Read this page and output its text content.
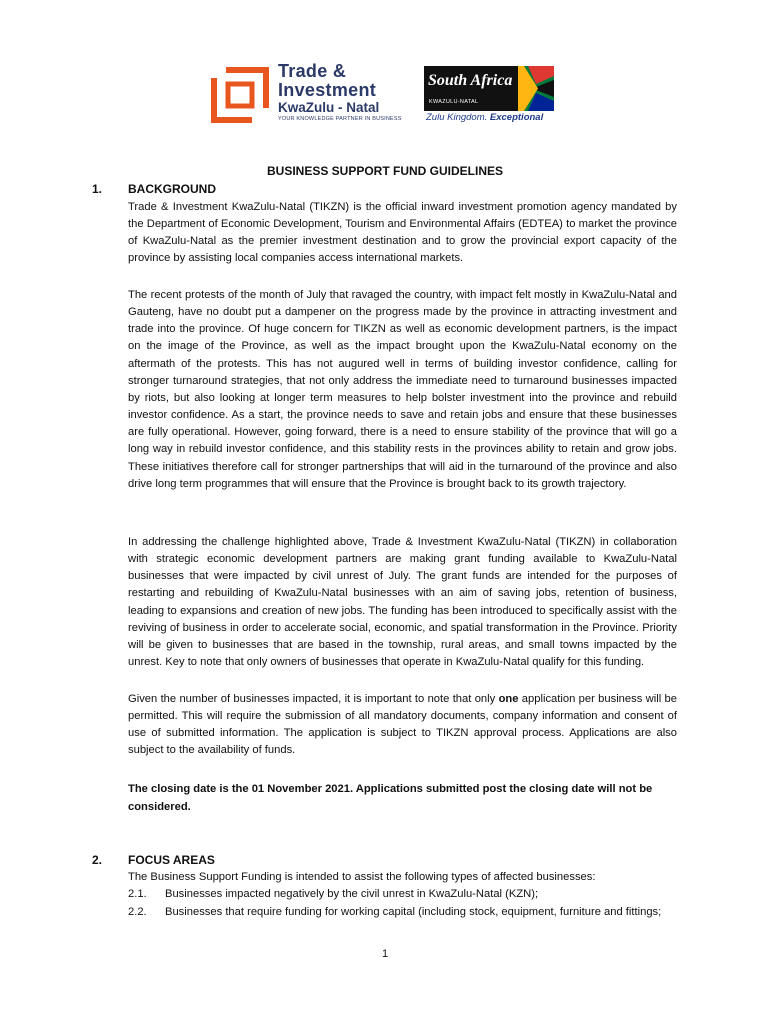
Trade &
Investment
KwaZulu - Natal
YOUR KNOWLEDGE PARTNER IN BUSINESS
South Africa
KWAZULU-NATAL
Zulu Kingdom. Exceptional
BUSINESS SUPPORT FUND GUIDELINES
1. BACKGROUND

Trade & Investment KwaZulu-Natal (TIKZN) is the official inward investment promotion agency mandated by the Department of Economic Development, Tourism and Environmental Affairs (EDTEA) to market the province of KwaZulu-Natal as the premier investment destination and to grow the provincial export capacity of the province by assisting local companies access international markets.

The recent protests of the month of July that ravaged the country, with impact felt mostly in KwaZulu-Natal and Gauteng, have no doubt put a dampener on the progress made by the province in attracting investment and trade into the province. Of huge concern for TIKZN as well as economic development partners, is the impact on the image of the Province, as well as the impact brought upon the KwaZulu-Natal economy on the aftermath of the protests. This has not augured well in terms of building investor confidence, calling for stronger turnaround strategies, that not only address the immediate need to turnaround businesses impacted by riots, but also looking at longer term measures to help bolster investment into the province and rebuild investor confidence. As a start, the province needs to save and retain jobs and ensure that these businesses are fully operational. However, going forward, there is a need to ensure stability of the province that will go a long way in rebuild investor confidence, and this stability rests in the provinces ability to retain and grow jobs. These initiatives therefore call for stronger partnerships that will aid in the turnaround of the province and also drive long term programmes that will ensure that the Province is brought back to its growth trajectory.

In addressing the challenge highlighted above, Trade & Investment KwaZulu-Natal (TIKZN) in collaboration with strategic economic development partners are making grant funding available to KwaZulu-Natal businesses that were impacted by civil unrest of July. The grant funds are intended for the purposes of restarting and rebuilding of KwaZulu-Natal businesses with an aim of saving jobs, retention of business, leading to expansions and creation of new jobs. The funding has been introduced to specifically assist with the reviving of business in order to accelerate social, economic, and spatial transformation in the Province. Priority will be given to businesses that are based in the township, rural areas, and small towns impacted by the unrest. Key to note that only owners of businesses that operate in KwaZulu-Natal qualify for this funding.

Given the number of businesses impacted, it is important to note that only one application per business will be permitted. This will require the submission of all mandatory documents, company information and consent of use of submitted information. The application is subject to TIKZN approval process. Applications are also subject to the availability of funds.

The closing date is the 01 November 2021. Applications submitted post the closing date will not be considered.

2. FOCUS AREAS
The Business Support Funding is intended to assist the following types of affected businesses:
2.1. Businesses impacted negatively by the civil unrest in KwaZulu-Natal (KZN);
2.2. Businesses that require funding for working capital (including stock, equipment, furniture and fittings;
1
